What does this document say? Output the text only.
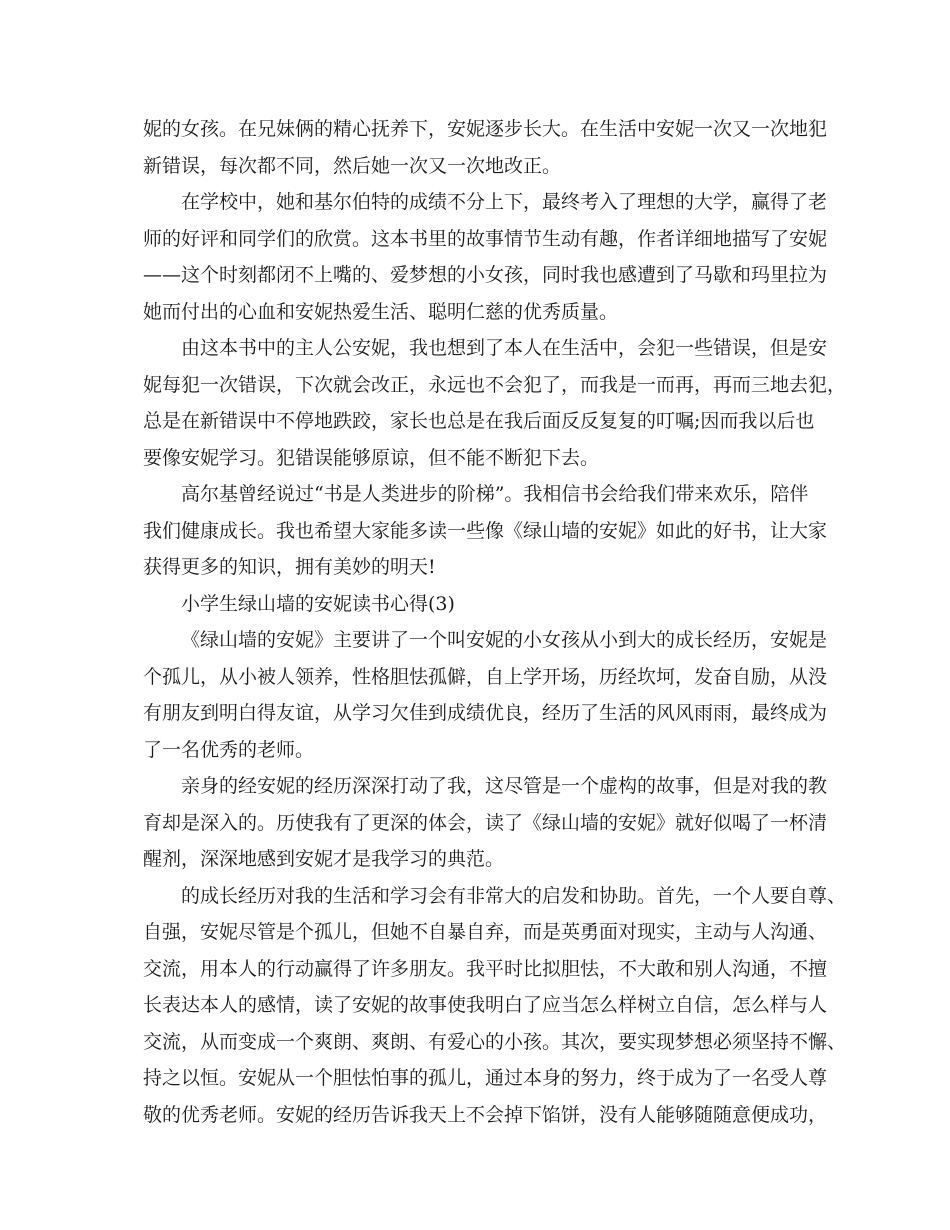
妮的女孩。在兄妹俩的精心抚养下，安妮逐步长大。在生活中安妮一次又一次地犯
新错误，每次都不同，然后她一次又一次地改正。
在学校中，她和基尔伯特的成绩不分上下，最终考入了理想的大学，赢得了老
师的好评和同学们的欣赏。这本书里的故事情节生动有趣，作者详细地描写了安妮
——这个时刻都闭不上嘴的、爱梦想的小女孩，同时我也感遭到了马歇和玛里拉为
她而付出的心血和安妮热爱生活、聪明仁慈的优秀质量。
由这本书中的主人公安妮，我也想到了本人在生活中，会犯一些错误，但是安
妮每犯一次错误，下次就会改正，永远也不会犯了，而我是一而再，再而三地去犯，
总是在新错误中不停地跌跤，家长也总是在我后面反反复复的叮嘱;因而我以后也
要像安妮学习。犯错误能够原谅，但不能不断犯下去。
高尔基曾经说过“书是人类进步的阶梯”。我相信书会给我们带来欢乐，陪伴
我们健康成长。我也希望大家能多读一些像《绿山墙的安妮》如此的好书，让大家
获得更多的知识，拥有美妙的明天!
小学生绿山墙的安妮读书心得(3)
《绿山墙的安妮》主要讲了一个叫安妮的小女孩从小到大的成长经历，安妮是
个孤儿，从小被人领养，性格胆怯孤僻，自上学开场，历经坎坷，发奋自励，从没
有朋友到明白得友谊，从学习欠佳到成绩优良，经历了生活的风风雨雨，最终成为
了一名优秀的老师。
亲身的经安妮的经历深深打动了我，这尽管是一个虚构的故事，但是对我的教
育却是深入的。历使我有了更深的体会，读了《绿山墙的安妮》就好似喝了一杯清
醒剂，深深地感到安妮才是我学习的典范。
的成长经历对我的生活和学习会有非常大的启发和协助。首先，一个人要自尊、
自强，安妮尽管是个孤儿，但她不自暴自弃，而是英勇面对现实，主动与人沟通、
交流，用本人的行动赢得了许多朋友。我平时比拟胆怯，不大敢和别人沟通，不擅
长表达本人的感情，读了安妮的故事使我明白了应当怎么样树立自信，怎么样与人
交流，从而变成一个爽朗、爽朗、有爱心的小孩。其次，要实现梦想必须坚持不懈、
持之以恒。安妮从一个胆怯怕事的孤儿，通过本身的努力，终于成为了一名受人尊
敬的优秀老师。安妮的经历告诉我天上不会掉下馅饼，没有人能够随随意便成功，
